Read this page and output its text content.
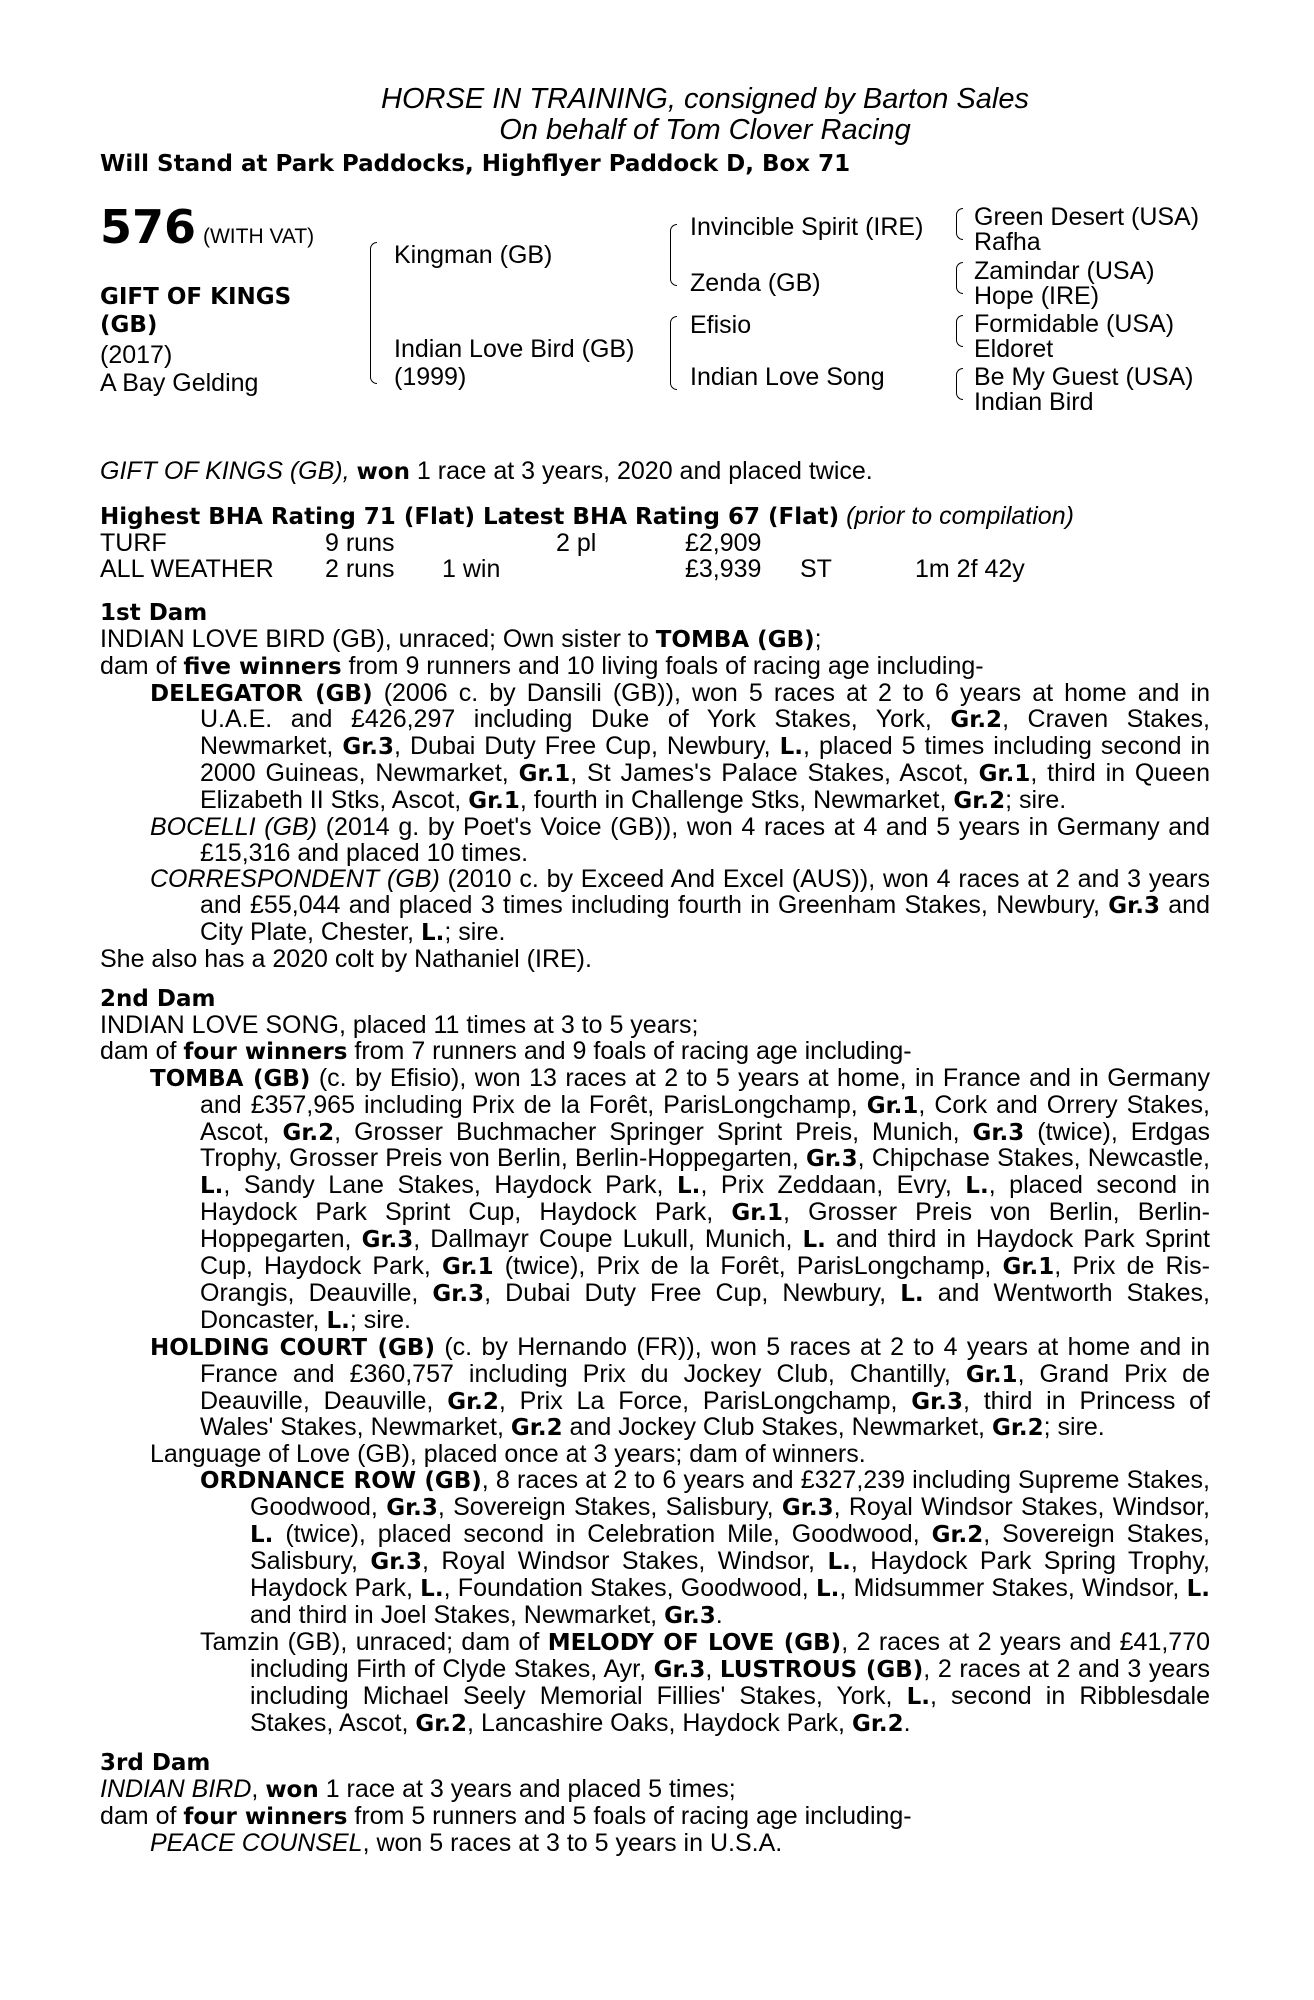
HORSE IN TRAINING, consigned by Barton Sales
On behalf of Tom Clover Racing
Will Stand at Park Paddocks, Highflyer Paddock D, Box 71
576 (WITH VAT)
GIFT OF KINGS
(GB)
(2017)
A Bay Gelding
Kingman (GB)
Indian Love Bird (GB)
(1999)
Invincible Spirit (IRE)
Zenda (GB)
Efisio
Indian Love Song
Green Desert (USA)
Rafha
Zamindar (USA)
Hope (IRE)
Formidable (USA)
Eldoret
Be My Guest (USA)
Indian Bird

GIFT OF KINGS (GB), won 1 race at 3 years, 2020 and placed twice.

Highest BHA Rating 71 (Flat) Latest BHA Rating 67 (Flat) (prior to compilation)

TURF	9 runs	2 pl	£2,909
ALL WEATHER 2 runs 1 win	£3,939 ST	1m 2f 42y

1st Dam

INDIAN LOVE BIRD (GB), unraced; Own sister to TOMBA (GB);

dam of five winners from 9 runners and 10 living foals of racing age including-

DELEGATOR (GB) (2006 c. by Dansili (GB)), won 5 races at 2 to 6 years at home and in U.A.E. and £426,297 including Duke of York Stakes, York, Gr.2, Craven Stakes, Newmarket, Gr.3, Dubai Duty Free Cup, Newbury, L., placed 5 times including second in 2000 Guineas, Newmarket, Gr.1, St James's Palace Stakes, Ascot, Gr.1, third in Queen Elizabeth II Stks, Ascot, Gr.1, fourth in Challenge Stks, Newmarket, Gr.2; sire.

BOCELLI (GB) (2014 g. by Poet's Voice (GB)), won 4 races at 4 and 5 years in Germany and £15,316 and placed 10 times.

CORRESPONDENT (GB) (2010 c. by Exceed And Excel (AUS)), won 4 races at 2 and 3 years and £55,044 and placed 3 times including fourth in Greenham Stakes, Newbury, Gr.3 and City Plate, Chester, L.; sire.

She also has a 2020 colt by Nathaniel (IRE).

2nd Dam

INDIAN LOVE SONG, placed 11 times at 3 to 5 years;

dam of four winners from 7 runners and 9 foals of racing age including-

TOMBA (GB) (c. by Efisio), won 13 races at 2 to 5 years at home, in France and in Germany and £357,965 including Prix de la Forêt, ParisLongchamp, Gr.1, Cork and Orrery Stakes, Ascot, Gr.2, Grosser Buchmacher Springer Sprint Preis, Munich, Gr.3 (twice), Erdgas Trophy, Grosser Preis von Berlin, Berlin-Hoppegarten, Gr.3, Chipchase Stakes, Newcastle, L., Sandy Lane Stakes, Haydock Park, L., Prix Zeddaan, Evry, L., placed second in Haydock Park Sprint Cup, Haydock Park, Gr.1, Grosser Preis von Berlin, Berlin-Hoppegarten, Gr.3, Dallmayr Coupe Lukull, Munich, L. and third in Haydock Park Sprint Cup, Haydock Park, Gr.1 (twice), Prix de la Forêt, ParisLongchamp, Gr.1, Prix de Ris-Orangis, Deauville, Gr.3, Dubai Duty Free Cup, Newbury, L. and Wentworth Stakes, Doncaster, L.; sire.

HOLDING COURT (GB) (c. by Hernando (FR)), won 5 races at 2 to 4 years at home and in France and £360,757 including Prix du Jockey Club, Chantilly, Gr.1, Grand Prix de Deauville, Deauville, Gr.2, Prix La Force, ParisLongchamp, Gr.3, third in Princess of Wales' Stakes, Newmarket, Gr.2 and Jockey Club Stakes, Newmarket, Gr.2; sire.

Language of Love (GB), placed once at 3 years; dam of winners.

ORDNANCE ROW (GB), 8 races at 2 to 6 years and £327,239 including Supreme Stakes, Goodwood, Gr.3, Sovereign Stakes, Salisbury, Gr.3, Royal Windsor Stakes, Windsor, L. (twice), placed second in Celebration Mile, Goodwood, Gr.2, Sovereign Stakes, Salisbury, Gr.3, Royal Windsor Stakes, Windsor, L., Haydock Park Spring Trophy, Haydock Park, L., Foundation Stakes, Goodwood, L., Midsummer Stakes, Windsor, L. and third in Joel Stakes, Newmarket, Gr.3.

Tamzin (GB), unraced; dam of MELODY OF LOVE (GB), 2 races at 2 years and £41,770 including Firth of Clyde Stakes, Ayr, Gr.3, LUSTROUS (GB), 2 races at 2 and 3 years including Michael Seely Memorial Fillies' Stakes, York, L., second in Ribblesdale Stakes, Ascot, Gr.2, Lancashire Oaks, Haydock Park, Gr.2.

3rd Dam

INDIAN BIRD, won 1 race at 3 years and placed 5 times;

dam of four winners from 5 runners and 5 foals of racing age including-

PEACE COUNSEL, won 5 races at 3 to 5 years in U.S.A.
